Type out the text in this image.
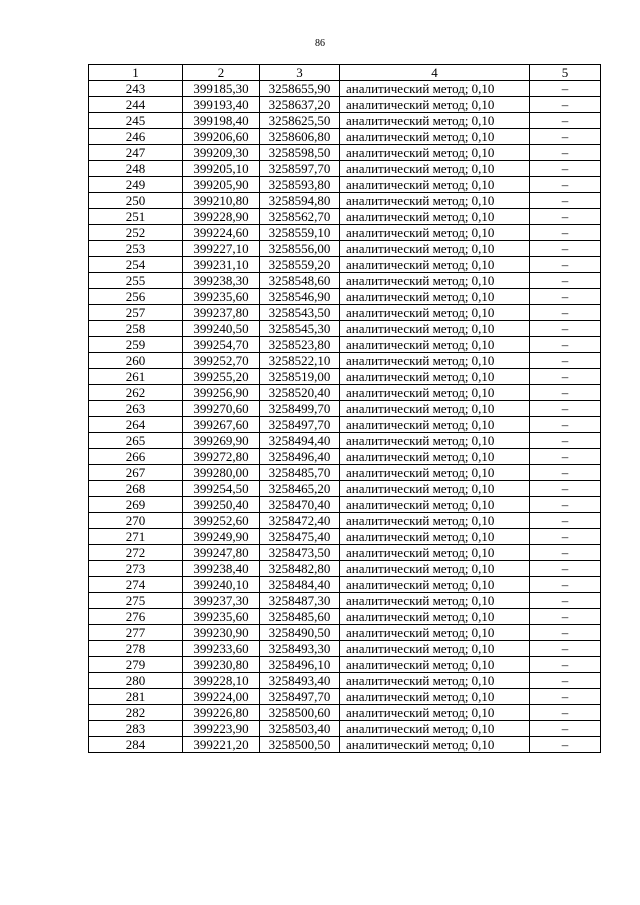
86
1	2	3	4	5
243	399185,30	3258655,90	аналитический метод; 0,10	–
244	399193,40	3258637,20	аналитический метод; 0,10	–
245	399198,40	3258625,50	аналитический метод; 0,10	–
246	399206,60	3258606,80	аналитический метод; 0,10	–
247	399209,30	3258598,50	аналитический метод; 0,10	–
248	399205,10	3258597,70	аналитический метод; 0,10	–
249	399205,90	3258593,80	аналитический метод; 0,10	–
250	399210,80	3258594,80	аналитический метод; 0,10	–
251	399228,90	3258562,70	аналитический метод; 0,10	–
252	399224,60	3258559,10	аналитический метод; 0,10	–
253	399227,10	3258556,00	аналитический метод; 0,10	–
254	399231,10	3258559,20	аналитический метод; 0,10	–
255	399238,30	3258548,60	аналитический метод; 0,10	–
256	399235,60	3258546,90	аналитический метод; 0,10	–
257	399237,80	3258543,50	аналитический метод; 0,10	–
258	399240,50	3258545,30	аналитический метод; 0,10	–
259	399254,70	3258523,80	аналитический метод; 0,10	–
260	399252,70	3258522,10	аналитический метод; 0,10	–
261	399255,20	3258519,00	аналитический метод; 0,10	–
262	399256,90	3258520,40	аналитический метод; 0,10	–
263	399270,60	3258499,70	аналитический метод; 0,10	–
264	399267,60	3258497,70	аналитический метод; 0,10	–
265	399269,90	3258494,40	аналитический метод; 0,10	–
266	399272,80	3258496,40	аналитический метод; 0,10	–
267	399280,00	3258485,70	аналитический метод; 0,10	–
268	399254,50	3258465,20	аналитический метод; 0,10	–
269	399250,40	3258470,40	аналитический метод; 0,10	–
270	399252,60	3258472,40	аналитический метод; 0,10	–
271	399249,90	3258475,40	аналитический метод; 0,10	–
272	399247,80	3258473,50	аналитический метод; 0,10	–
273	399238,40	3258482,80	аналитический метод; 0,10	–
274	399240,10	3258484,40	аналитический метод; 0,10	–
275	399237,30	3258487,30	аналитический метод; 0,10	–
276	399235,60	3258485,60	аналитический метод; 0,10	–
277	399230,90	3258490,50	аналитический метод; 0,10	–
278	399233,60	3258493,30	аналитический метод; 0,10	–
279	399230,80	3258496,10	аналитический метод; 0,10	–
280	399228,10	3258493,40	аналитический метод; 0,10	–
281	399224,00	3258497,70	аналитический метод; 0,10	–
282	399226,80	3258500,60	аналитический метод; 0,10	–
283	399223,90	3258503,40	аналитический метод; 0,10	–
284	399221,20	3258500,50	аналитический метод; 0,10	–
